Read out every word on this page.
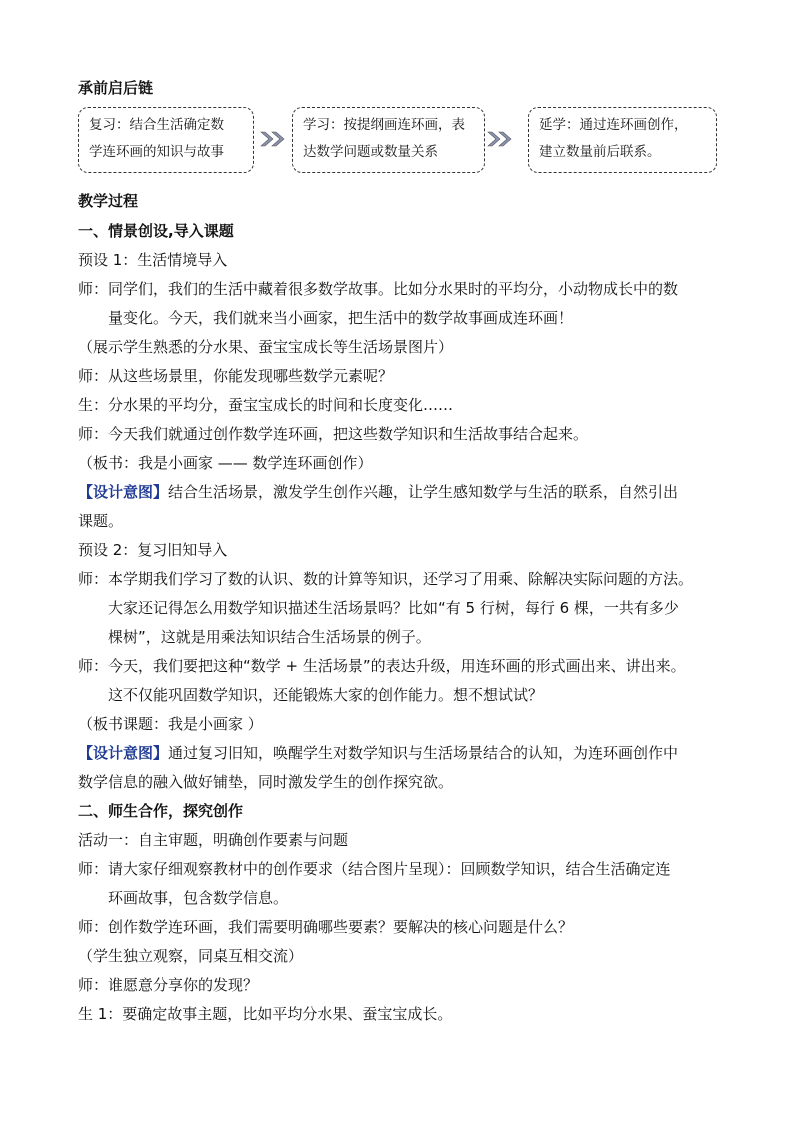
承前启后链
复习：结合生活确定数
学连环画的知识与故事
学习：按提纲画连环画，表
达数学问题或数量关系
延学：通过连环画创作，
建立数量前后联系。
教学过程
一、情景创设,导入课题
预设 1：生活情境导入
师：同学们，我们的生活中藏着很多数学故事。比如分水果时的平均分，小动物成长中的数
量变化。今天，我们就来当小画家，把生活中的数学故事画成连环画！
（展示学生熟悉的分水果、蚕宝宝成长等生活场景图片）
师：从这些场景里，你能发现哪些数学元素呢？
生：分水果的平均分，蚕宝宝成长的时间和长度变化……
师：今天我们就通过创作数学连环画，把这些数学知识和生活故事结合起来。
（板书：我是小画家 —— 数学连环画创作）
【设计意图】结合生活场景，激发学生创作兴趣，让学生感知数学与生活的联系，自然引出
课题。
预设 2：复习旧知导入
师：本学期我们学习了数的认识、数的计算等知识，还学习了用乘、除解决实际问题的方法。
大家还记得怎么用数学知识描述生活场景吗？比如“有 5 行树，每行 6 棵，一共有多少
棵树”，这就是用乘法知识结合生活场景的例子。
师：今天，我们要把这种“数学 + 生活场景”的表达升级，用连环画的形式画出来、讲出来。
这不仅能巩固数学知识，还能锻炼大家的创作能力。想不想试试？
（板书课题：我是小画家 ）
【设计意图】通过复习旧知，唤醒学生对数学知识与生活场景结合的认知，为连环画创作中
数学信息的融入做好铺垫，同时激发学生的创作探究欲。
二、师生合作，探究创作
活动一：自主审题，明确创作要素与问题
师：请大家仔细观察教材中的创作要求（结合图片呈现）：回顾数学知识，结合生活确定连
环画故事，包含数学信息。
师：创作数学连环画，我们需要明确哪些要素？要解决的核心问题是什么？
（学生独立观察，同桌互相交流）
师：谁愿意分享你的发现？
生 1：要确定故事主题，比如平均分水果、蚕宝宝成长。
